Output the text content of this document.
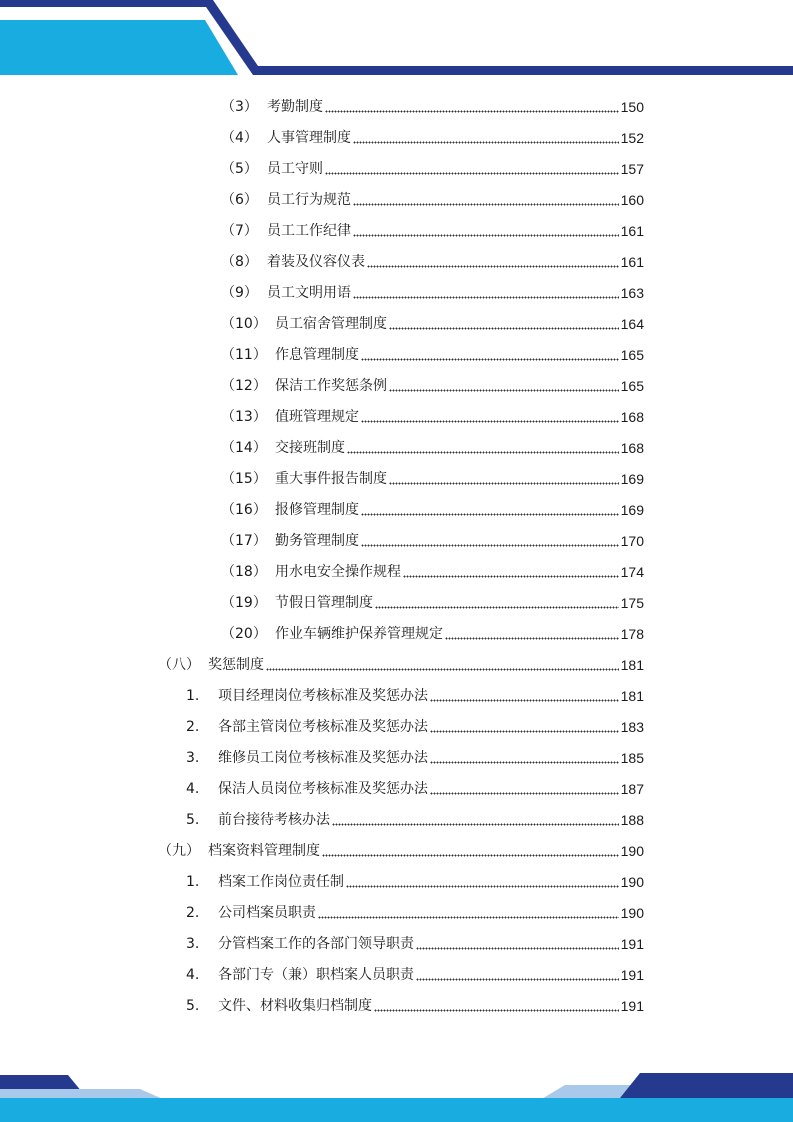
（3） 考勤制度	150
（4） 人事管理制度	152
（5） 员工守则	157
（6） 员工行为规范	160
（7） 员工工作纪律	161
（8） 着装及仪容仪表	161
（9） 员工文明用语	163
（10） 员工宿舍管理制度	164
（11） 作息管理制度	165
（12） 保洁工作奖惩条例	165
（13） 值班管理规定	168
（14） 交接班制度	168
（15） 重大事件报告制度	169
（16） 报修管理制度	169
（17） 勤务管理制度	170
（18） 用水电安全操作规程	174
（19） 节假日管理制度	175
（20） 作业车辆维护保养管理规定	178
（八） 奖惩制度	181
1.	项目经理岗位考核标准及奖惩办法	181
2.	各部主管岗位考核标准及奖惩办法	183
3.	维修员工岗位考核标准及奖惩办法	185
4.	保洁人员岗位考核标准及奖惩办法	187
5.	前台接待考核办法	188
（九） 档案资料管理制度	190
1.	档案工作岗位责任制	190
2.	公司档案员职责	190
3.	分管档案工作的各部门领导职责	191
4.	各部门专（兼）职档案人员职责	191
5.	文件、材料收集归档制度	191
